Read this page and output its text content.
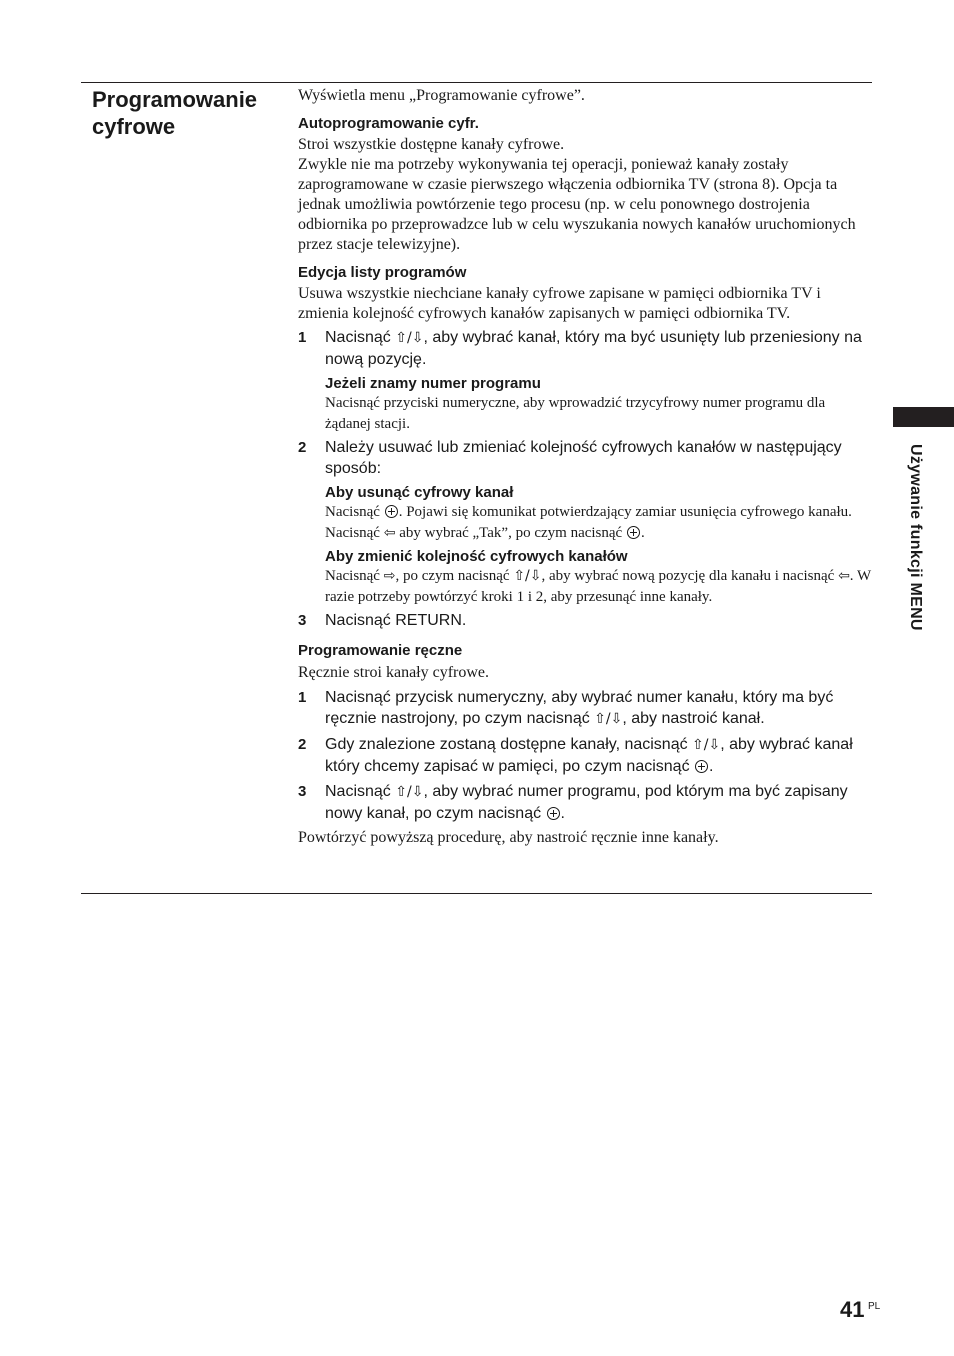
Programowanie cyfrowe

Wyświetla menu „Programowanie cyfrowe”.

Autoprogramowanie cyfr.

Stroi wszystkie dostępne kanały cyfrowe.

Zwykle nie ma potrzeby wykonywania tej operacji, ponieważ kanały zostały zaprogramowane w czasie pierwszego włączenia odbiornika TV (strona 8). Opcja ta jednak umożliwia powtórzenie tego procesu (np. w celu ponownego dostrojenia odbiornika po przeprowadzce lub w celu wyszukania nowych kanałów uruchomionych przez stacje telewizyjne).

Edycja listy programów

Usuwa wszystkie niechciane kanały cyfrowe zapisane w pamięci odbiornika TV i zmienia kolejność cyfrowych kanałów zapisanych w pamięci odbiornika TV.

1	Nacisnąć ⇧/⇩, aby wybrać kanał, który ma być usunięty lub przeniesiony na nową pozycję.
Jeżeli znamy numer programu

Nacisnąć przyciski numeryczne, aby wprowadzić trzycyfrowy numer programu dla żądanej stacji.

2	Należy usuwać lub zmieniać kolejność cyfrowych kanałów w następujący sposób:
Aby usunąć cyfrowy kanał

Nacisnąć . Pojawi się komunikat potwierdzający zamiar usunięcia cyfrowego kanału. Nacisnąć ⇦ aby wybrać „Tak”, po czym nacisnąć .

Aby zmienić kolejność cyfrowych kanałów

Nacisnąć ⇨, po czym nacisnąć ⇧/⇩, aby wybrać nową pozycję dla kanału i nacisnąć ⇦. W razie potrzeby powtórzyć kroki 1 i 2, aby przesunąć inne kanały.

3	Nacisnąć RETURN.
Programowanie ręczne

Ręcznie stroi kanały cyfrowe.

1	Nacisnąć przycisk numeryczny, aby wybrać numer kanału, który ma być ręcznie nastrojony, po czym nacisnąć ⇧/⇩, aby nastroić kanał.
2	Gdy znalezione zostaną dostępne kanały, nacisnąć ⇧/⇩, aby wybrać kanał który chcemy zapisać w pamięci, po czym nacisnąć .
3	Nacisnąć ⇧/⇩, aby wybrać numer programu, pod którym ma być zapisany nowy kanał, po czym nacisnąć .

Powtórzyć powyższą procedurę, aby nastroić ręcznie inne kanały.

Używanie funkcji MENU
41 PL
